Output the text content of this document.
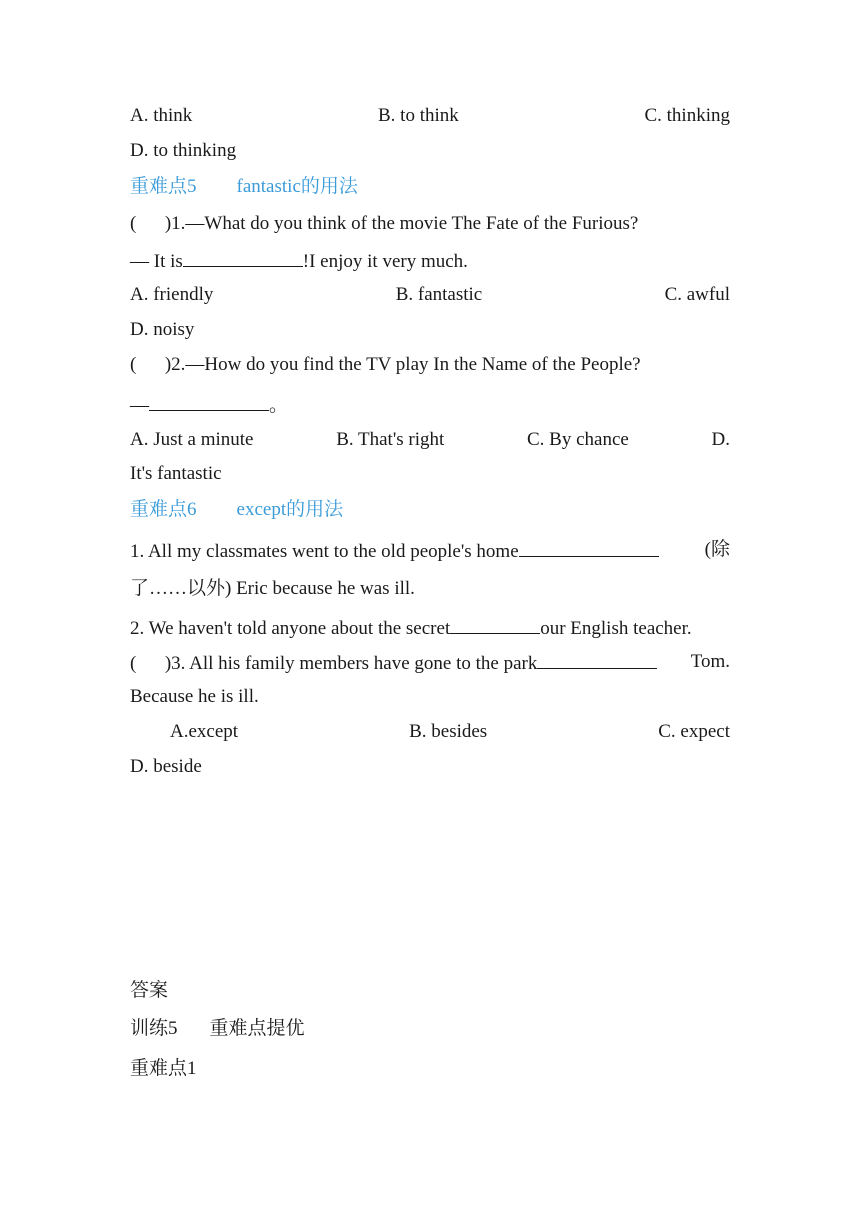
A. think	B. to think	C. thinking
D. to thinking
重难点5 fantastic的用法
(      )1.—What do you think of the movie The Fate of the Furious?
— It is	!I enjoy it very much.
A. friendly	B. fantastic	C. awful
D. noisy
(      )2.—How do you find the TV play In the Name of the People?
—	。
A. Just a minute	B. That's right	C. By chance	D.
It's fantastic
重难点6 except的用法
1. All my classmates went to the old people's home	(除
了……以外) Eric because he was ill.
2. We haven't told anyone about the secret	our English teacher.
(      )3. All his family members have gone to the park	Tom.
Because he is ill.
A.except	B. besides	C. expect
D. beside
答案
训练5 重难点提优
重难点1
